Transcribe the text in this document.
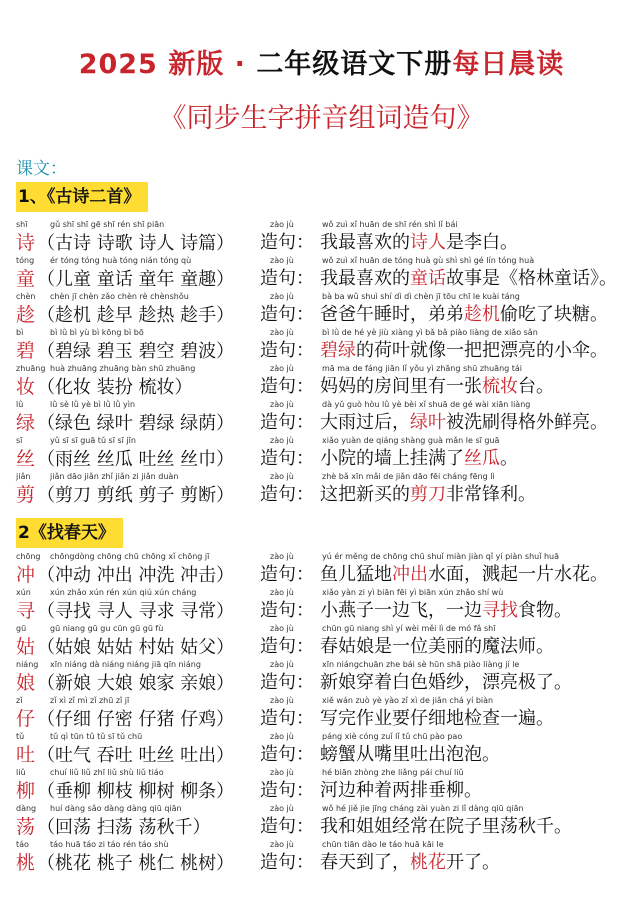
2025 新版 · 二年级语文下册每日晨读
《同步生字拼音组词造句》
课文：
1、《古诗二首》
shī	gǔ shī shī gē shī rén shī piān	zào jù	wǒ zuì xǐ huān de shī rén shì lǐ bái
诗 （古诗 诗歌 诗人 诗篇） 造句： 我最喜欢的诗人是李白。
tóng ér tóng tóng huà tóng nián tóng qù	zào jù	wǒ zuì xǐ huān de tóng huà gù shì shì gé lín tóng huà
童 （儿童 童话 童年 童趣） 造句： 我最喜欢的童话故事是《格林童话》。
chèn chèn jī chèn zǎo chèn rè chènshǒu	zào jù	bà ba wǔ shuì shí dì dì chèn jī tōu chī le kuài táng
趁 （趁机 趁早 趁热 趁手） 造句： 爸爸午睡时，弟弟趁机偷吃了块糖。
bì	bì lǜ bì yù bì kōng bì bō	zào jù	bì lǜ de hé yè jiù xiàng yì bǎ bǎ piào liàng de xiǎo sǎn
碧 （碧绿 碧玉 碧空 碧波） 造句： 碧绿的荷叶就像一把把漂亮的小伞。
zhuāng huà zhuāng zhuāng bàn shū zhuāng	zào jù	mā ma de fáng jiān lǐ yǒu yì zhāng shū zhuāng tái
妆 （化妆 装扮 梳妆）	造句： 妈妈的房间里有一张梳妆台。
lǜ	lǜ sè lǜ yè bì lǜ lǜ yìn	zào jù	dà yǔ guò hòu lǜ yè bèi xǐ shuā de gé wài xiān liàng
绿 （绿色 绿叶 碧绿 绿荫） 造句： 大雨过后，绿叶被洗刷得格外鲜亮。
sī	yǔ sī sī guā tǔ sī sī jīn	zào jù	xiǎo yuàn de qiáng shàng guà mǎn le sī guā
丝 （雨丝 丝瓜 吐丝 丝巾） 造句： 小院的墙上挂满了丝瓜。
jiǎn jiǎn dāo jiǎn zhǐ jiǎn zi jiǎn duàn	zào jù	zhè bǎ xīn mǎi de jiǎn dāo fēi cháng fēng lì
剪 （剪刀 剪纸 剪子 剪断） 造句： 这把新买的剪刀非常锋利。
2《找春天》
chōng chōngdòng chōng chū chōng xǐ chōng jī	zào jù	yú ér měng de chōng chū shuǐ miàn jiàn qǐ yí piàn shuǐ huā
冲 （冲动 冲出 冲洗 冲击） 造句： 鱼儿猛地冲出水面，溅起一片水花。
xún xún zhǎo xún rén xún qiú xún cháng	zào jù	xiǎo yàn zi yì biān fēi yì biān xún zhǎo shí wù
寻 （寻找 寻人 寻求 寻常） 造句： 小燕子一边飞，一边寻找食物。
gū	gū niang gū gu cūn gū gū fù	zào jù	chūn gū niang shì yí wèi měi lì de mó fǎ shī
姑 （姑娘 姑姑 村姑 姑父） 造句： 春姑娘是一位美丽的魔法师。
niáng xīn niáng dà niáng niáng jiā qīn niáng	zào jù	xīn niángchuān zhe bái sè hūn shā piào liàng jí le
娘 （新娘 大娘 娘家 亲娘） 造句： 新娘穿着白色婚纱，漂亮极了。
zǐ	zǐ xì zǐ mì zǐ zhū zǐ jī	zào jù	xiě wán zuò yè yào zǐ xì de jiǎn chá yí biàn
仔 （仔细 仔密 仔猪 仔鸡） 造句： 写完作业要仔细地检查一遍。
tǔ	tǔ qì tūn tǔ tǔ sī tǔ chū	zào jù	páng xiè cóng zuǐ lǐ tǔ chū pào pao
吐 （吐气 吞吐 吐丝 吐出） 造句： 螃蟹从嘴里吐出泡泡。
liǔ	chuí liǔ liǔ zhī liǔ shù liǔ tiáo	zào jù	hé biān zhòng zhe liǎng pái chuí liǔ
柳 （垂柳 柳枝 柳树 柳条） 造句： 河边种着两排垂柳。
dàng huí dàng sǎo dàng dàng qiū qiān	zào jù	wǒ hé jiě jie jīng cháng zài yuàn zi lǐ dàng qiū qiān
荡 （回荡 扫荡 荡秋千）	造句： 我和姐姐经常在院子里荡秋千。
táo	táo huā táo zi táo rén táo shù	zào jù	chūn tiān dào le táo huā kāi le
桃 （桃花 桃子 桃仁 桃树） 造句： 春天到了，桃花开了。
